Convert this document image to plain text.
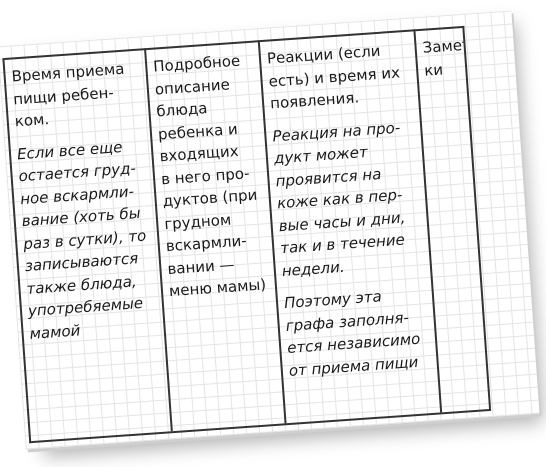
Время приема
пищи ребен-
ком.
Если все еще
остается груд-
ное вскармли-
вание (хоть бы
раз в сутки), то
записываются
также блюда,
употребяемые
мамой
Подробное
описание
блюда
ребенка и
входящих
в него про-
дуктов (при
грудном
вскармли-
вании —
меню мамы)
Реакции (если
есть) и время их
появления.
Реакция на про-
дукт может
проявится на
коже как в пер-
вые часы и дни,
так и в течение
недели.
Поэтому эта
графа заполня-
ется независимо
от приема пищи
Замет-
ки
